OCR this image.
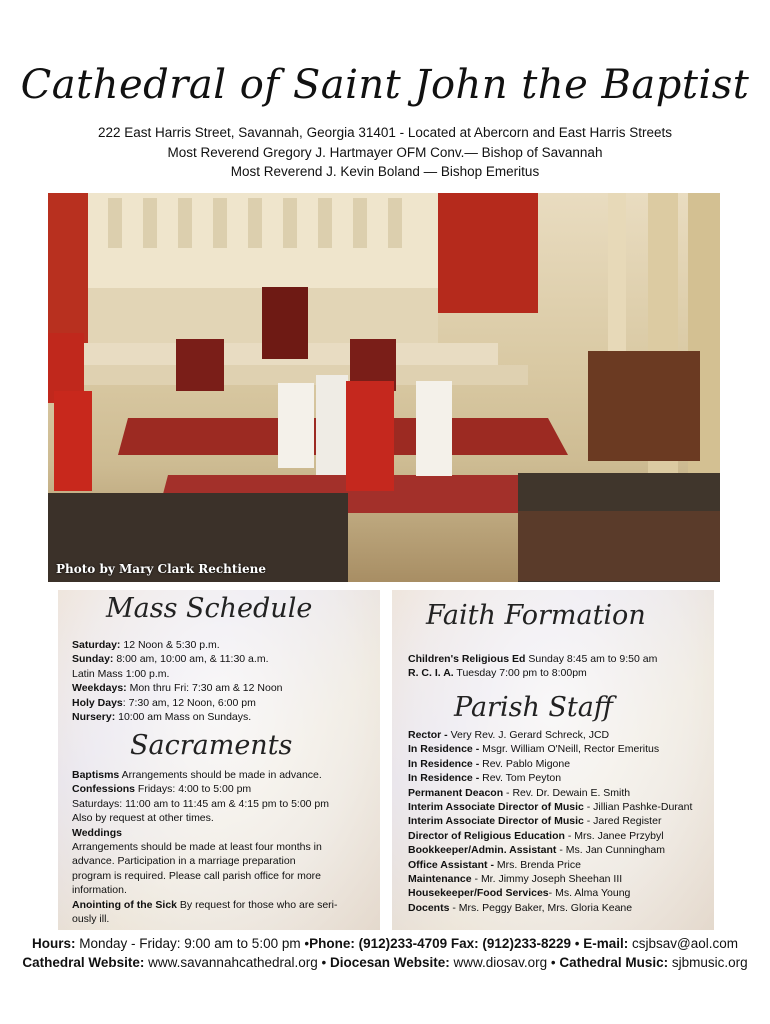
Cathedral of Saint John the Baptist
222 East Harris Street, Savannah, Georgia 31401 - Located at Abercorn and East Harris Streets
Most Reverend Gregory J. Hartmayer OFM Conv.— Bishop of Savannah
Most Reverend J. Kevin Boland — Bishop Emeritus
Photo by Mary Clark Rechtiene
Mass Schedule
Saturday: 12 Noon & 5:30 p.m.
Sunday: 8:00 am, 10:00 am, & 11:30 a.m.
Latin Mass 1:00 p.m.
Weekdays: Mon thru Fri: 7:30 am & 12 Noon
Holy Days: 7:30 am, 12 Noon, 6:00 pm
Nursery: 10:00 am Mass on Sundays.
Sacraments
Baptisms Arrangements should be made in advance.
Confessions Fridays: 4:00 to 5:00 pm
Saturdays: 11:00 am to 11:45 am & 4:15 pm to 5:00 pm
Also by request at other times.
Weddings
Arrangements should be made at least four months in
advance. Participation in a marriage preparation
program is required. Please call parish office for more
information.
Anointing of the Sick By request for those who are seri-
ously ill.
Faith Formation
Children's Religious Ed Sunday 8:45 am to 9:50 am
R. C. I. A. Tuesday 7:00 pm to 8:00pm
Parish Staff
Rector - Very Rev. J. Gerard Schreck, JCD
In Residence - Msgr. William O'Neill, Rector Emeritus
In Residence - Rev. Pablo Migone
In Residence - Rev. Tom Peyton
Permanent Deacon - Rev. Dr. Dewain E. Smith
Interim Associate Director of Music - Jillian Pashke-Durant
Interim Associate Director of Music - Jared Register
Director of Religious Education - Mrs. Janee Przybyl
Bookkeeper/Admin. Assistant - Ms. Jan Cunningham
Office Assistant - Mrs. Brenda Price
Maintenance - Mr. Jimmy Joseph Sheehan III
Housekeeper/Food Services- Ms. Alma Young
Docents - Mrs. Peggy Baker, Mrs. Gloria Keane
Hours: Monday - Friday: 9:00 am to 5:00 pm •Phone: (912)233-4709 Fax: (912)233-8229 • E-mail: csjbsav@aol.com
Cathedral Website: www.savannahcathedral.org • Diocesan Website: www.diosav.org • Cathedral Music: sjbmusic.org
